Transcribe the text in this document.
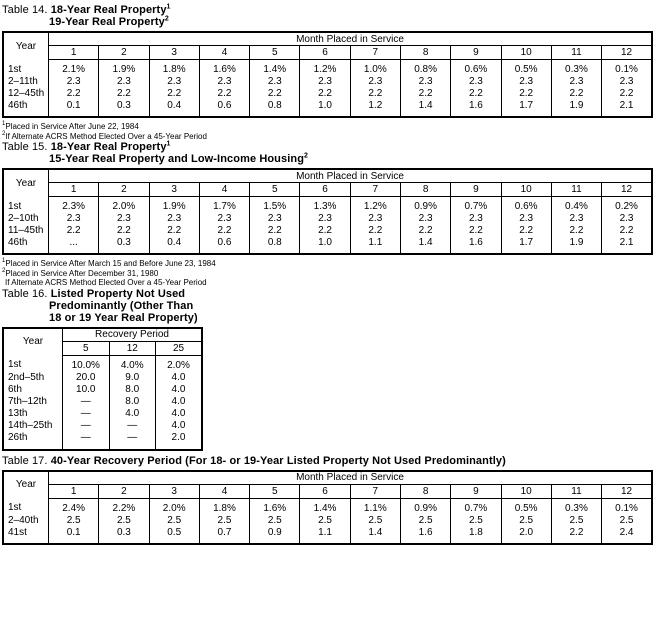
Table 14. 18-Year Real Property$^1$
19-Year Real Property$^2$
Year	Month Placed in Service											
	1	2	3	4	5	6	7	8	9	10	11	12
1st	2.1%	1.9%	1.8%	1.6%	1.4%	1.2%	1.0%	0.8%	0.6%	0.5%	0.3%	0.1%
2–11th	2.3	2.3	2.3	2.3	2.3	2.3	2.3	2.3	2.3	2.3	2.3	2.3
12–45th	2.2	2.2	2.2	2.2	2.2	2.2	2.2	2.2	2.2	2.2	2.2	2.2
46th	0.1	0.3	0.4	0.6	0.8	1.0	1.2	1.4	1.6	1.7	1.9	2.1
1Placed in Service After June 22, 1984
2If Alternate ACRS Method Elected Over a 45-Year Period
Table 15. 18-Year Real Property$^1$
15-Year Real Property and Low-Income Housing$^2$
Year	Month Placed in Service											
	1	2	3	4	5	6	7	8	9	10	11	12
1st	2.3%	2.0%	1.9%	1.7%	1.5%	1.3%	1.2%	0.9%	0.7%	0.6%	0.4%	0.2%
2–10th	2.3	2.3	2.3	2.3	2.3	2.3	2.3	2.3	2.3	2.3	2.3	2.3
11–45th	2.2	2.2	2.2	2.2	2.2	2.2	2.2	2.2	2.2	2.2	2.2	2.2
46th	...	0.3	0.4	0.6	0.8	1.0	1.1	1.4	1.6	1.7	1.9	2.1
1Placed in Service After March 15 and Before June 23, 1984
2Placed in Service After December 31, 1980
If Alternate ACRS Method Elected Over a 45-Year Period
Table 16. Listed Property Not Used
Predominantly (Other Than
18 or 19 Year Real Property)
Year	Recovery Period		
	5	12	25
1st	10.0%	4.0%	2.0%
2nd–5th	20.0	9.0	4.0
6th	10.0	8.0	4.0
7th–12th	—	8.0	4.0
13th	—	4.0	4.0
14th–25th	—	—	4.0
26th	—	—	2.0
Table 17. 40-Year Recovery Period (For 18- or 19-Year Listed Property Not Used Predominantly)
Year	Month Placed in Service											
	1	2	3	4	5	6	7	8	9	10	11	12
1st	2.4%	2.2%	2.0%	1.8%	1.6%	1.4%	1.1%	0.9%	0.7%	0.5%	0.3%	0.1%
2–40th	2.5	2.5	2.5	2.5	2.5	2.5	2.5	2.5	2.5	2.5	2.5	2.5
41st	0.1	0.3	0.5	0.7	0.9	1.1	1.4	1.6	1.8	2.0	2.2	2.4
